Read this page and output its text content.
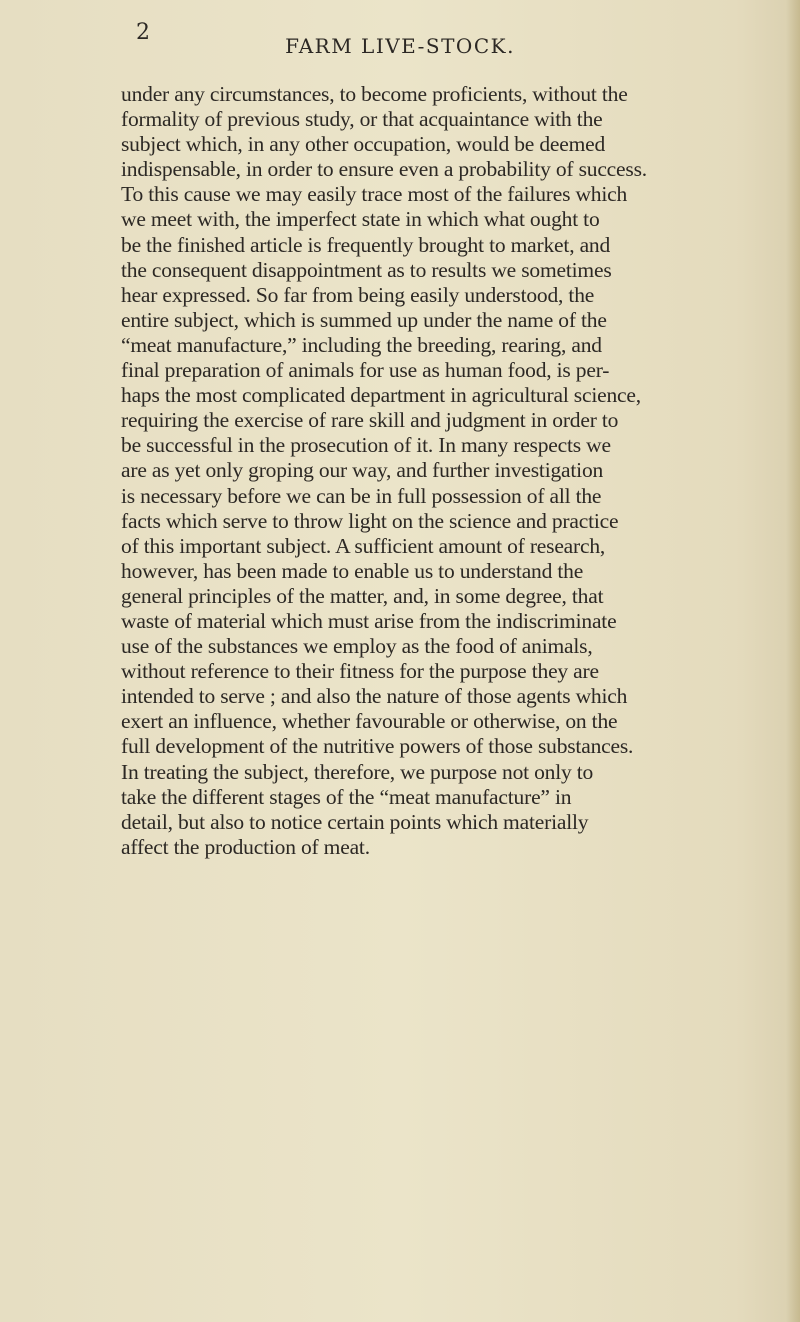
2
FARM LIVE-STOCK.
under any circumstances, to become proficients, without the
formality of previous study, or that acquaintance with the
subject which, in any other occupation, would be deemed
indispensable, in order to ensure even a probability of success.
To this cause we may easily trace most of the failures which
we meet with, the imperfect state in which what ought to
be the finished article is frequently brought to market, and
the consequent disappointment as to results we sometimes
hear expressed. So far from being easily understood, the
entire subject, which is summed up under the name of the
“meat manufacture,” including the breeding, rearing, and
final preparation of animals for use as human food, is per-
haps the most complicated department in agricultural science,
requiring the exercise of rare skill and judgment in order to
be successful in the prosecution of it. In many respects we
are as yet only groping our way, and further investigation
is necessary before we can be in full possession of all the
facts which serve to throw light on the science and practice
of this important subject. A sufficient amount of research,
however, has been made to enable us to understand the
general principles of the matter, and, in some degree, that
waste of material which must arise from the indiscriminate
use of the substances we employ as the food of animals,
without reference to their fitness for the purpose they are
intended to serve ; and also the nature of those agents which
exert an influence, whether favourable or otherwise, on the
full development of the nutritive powers of those substances.
In treating the subject, therefore, we purpose not only to
take the different stages of the “meat manufacture” in
detail, but also to notice certain points which materially
affect the production of meat.
